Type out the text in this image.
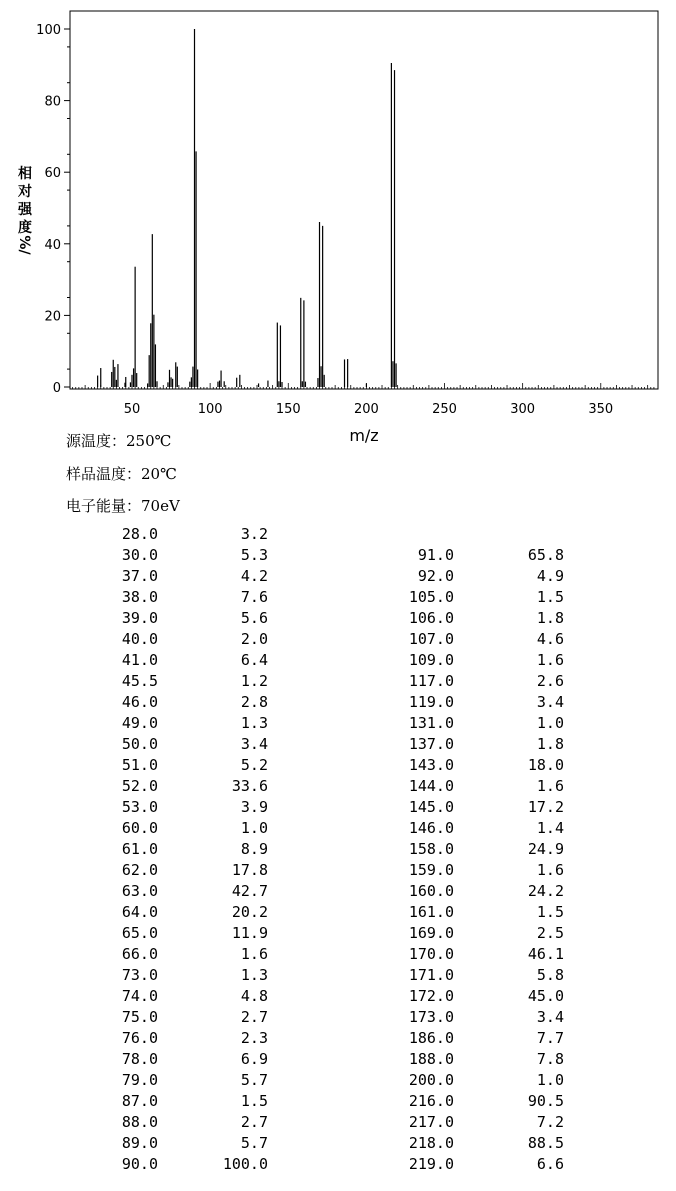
相
对
强
度
%/
0
20
40
60
80
100
50	100	150	200	250	300	350
m/z
源温度：250℃
样品温度：20℃
电子能量：70eV
28.0	3.2
30.0	5.3
37.0	4.2
38.0	7.6
39.0	5.6
40.0	2.0
41.0	6.4
45.5	1.2
46.0	2.8
49.0	1.3
50.0	3.4
51.0	5.2
52.0	33.6
53.0	3.9
60.0	1.0
61.0	8.9
62.0	17.8
63.0	42.7
64.0	20.2
65.0	11.9
66.0	1.6
73.0	1.3
74.0	4.8
75.0	2.7
76.0	2.3
78.0	6.9
79.0	5.7
87.0	1.5
88.0	2.7
89.0	5.7
90.0	100.0
91.0	65.8
92.0	4.9
105.0	1.5
106.0	1.8
107.0	4.6
109.0	1.6
117.0	2.6
119.0	3.4
131.0	1.0
137.0	1.8
143.0	18.0
144.0	1.6
145.0	17.2
146.0	1.4
158.0	24.9
159.0	1.6
160.0	24.2
161.0	1.5
169.0	2.5
170.0	46.1
171.0	5.8
172.0	45.0
173.0	3.4
186.0	7.7
188.0	7.8
200.0	1.0
216.0	90.5
217.0	7.2
218.0	88.5
219.0	6.6
